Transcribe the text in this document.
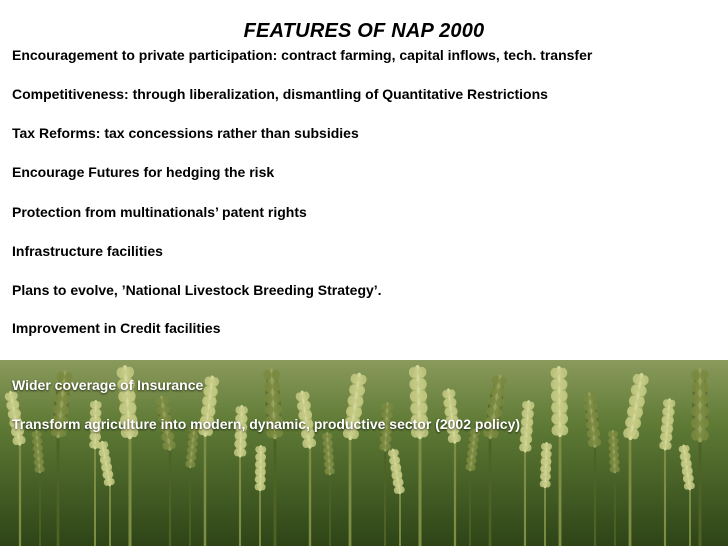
FEATURES OF NAP 2000
Encouragement to private participation: contract farming, capital inflows, tech. transfer
Competitiveness: through liberalization, dismantling of Quantitative Restrictions
Tax Reforms: tax concessions rather than subsidies
Encourage Futures for hedging the risk
Protection from multinationals’ patent rights
Infrastructure facilities
Plans to evolve, ’National Livestock Breeding Strategy’.
Improvement in Credit facilities
Wider coverage of Insurance
Transform agriculture into modern, dynamic, productive sector (2002 policy)
